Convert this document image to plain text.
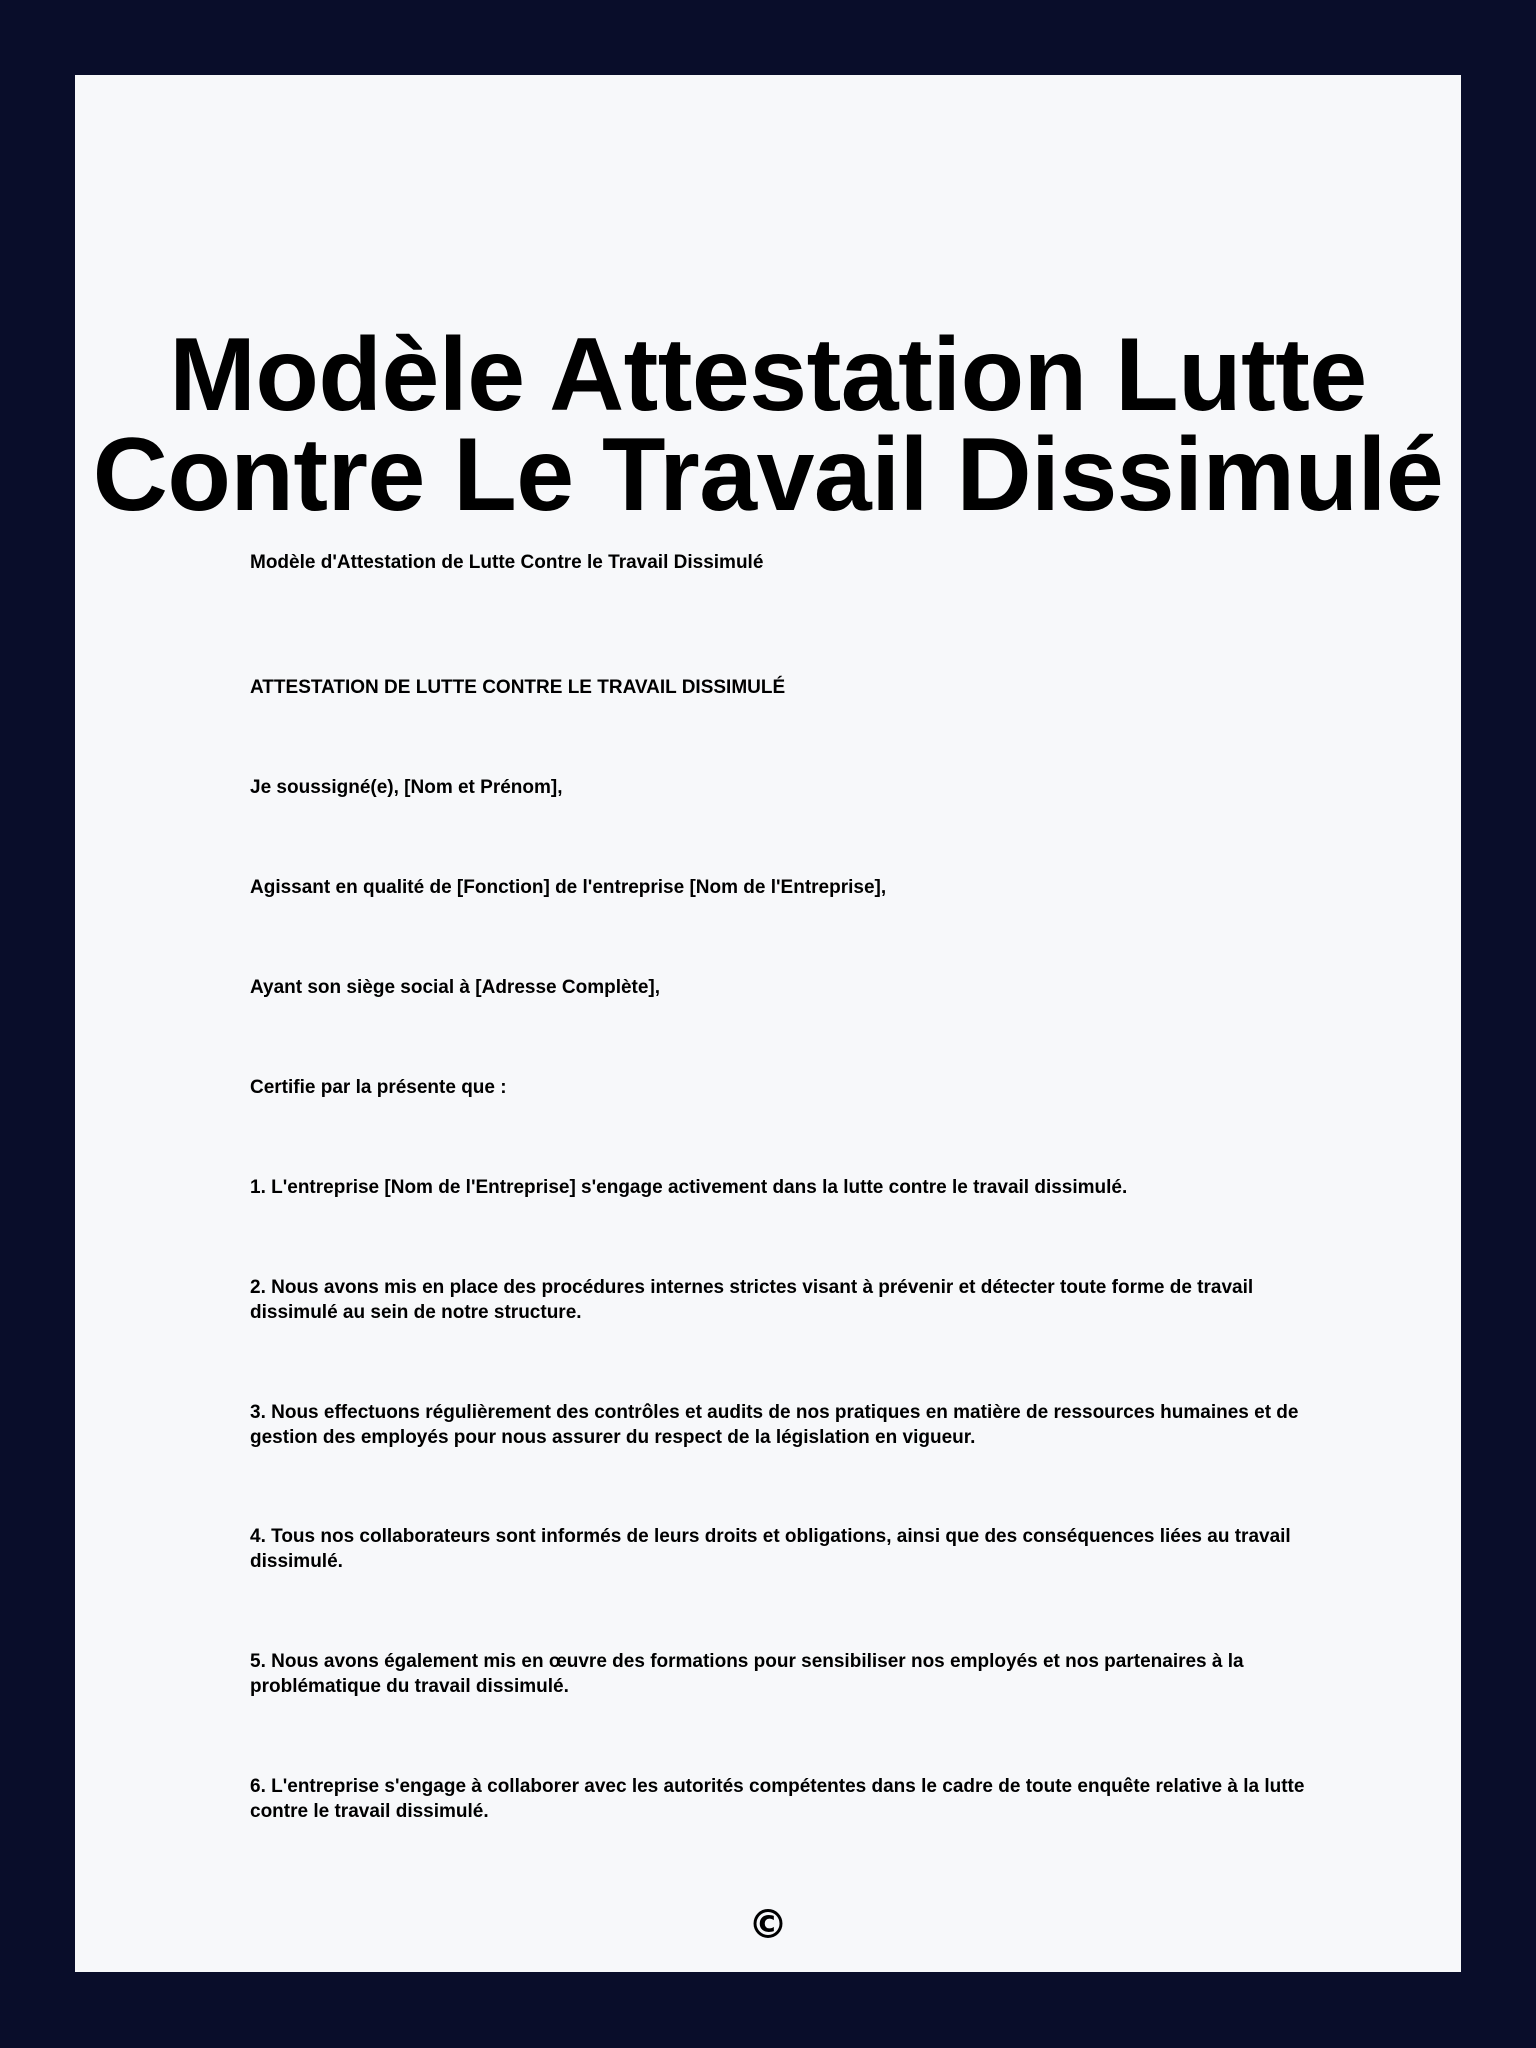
Modèle Attestation Lutte Contre Le Travail Dissimulé

Modèle d'Attestation de Lutte Contre le Travail Dissimulé

ATTESTATION DE LUTTE CONTRE LE TRAVAIL DISSIMULÉ

Je soussigné(e), [Nom et Prénom],

Agissant en qualité de [Fonction] de l'entreprise [Nom de l'Entreprise],

Ayant son siège social à [Adresse Complète],

Certifie par la présente que :

1. L'entreprise [Nom de l'Entreprise] s'engage activement dans la lutte contre le travail dissimulé.

2. Nous avons mis en place des procédures internes strictes visant à prévenir et détecter toute forme de travail dissimulé au sein de notre structure.

3. Nous effectuons régulièrement des contrôles et audits de nos pratiques en matière de ressources humaines et de gestion des employés pour nous assurer du respect de la législation en vigueur.

4. Tous nos collaborateurs sont informés de leurs droits et obligations, ainsi que des conséquences liées au travail dissimulé.

5. Nous avons également mis en œuvre des formations pour sensibiliser nos employés et nos partenaires à la problématique du travail dissimulé.

6. L'entreprise s'engage à collaborer avec les autorités compétentes dans le cadre de toute enquête relative à la lutte contre le travail dissimulé.

©
